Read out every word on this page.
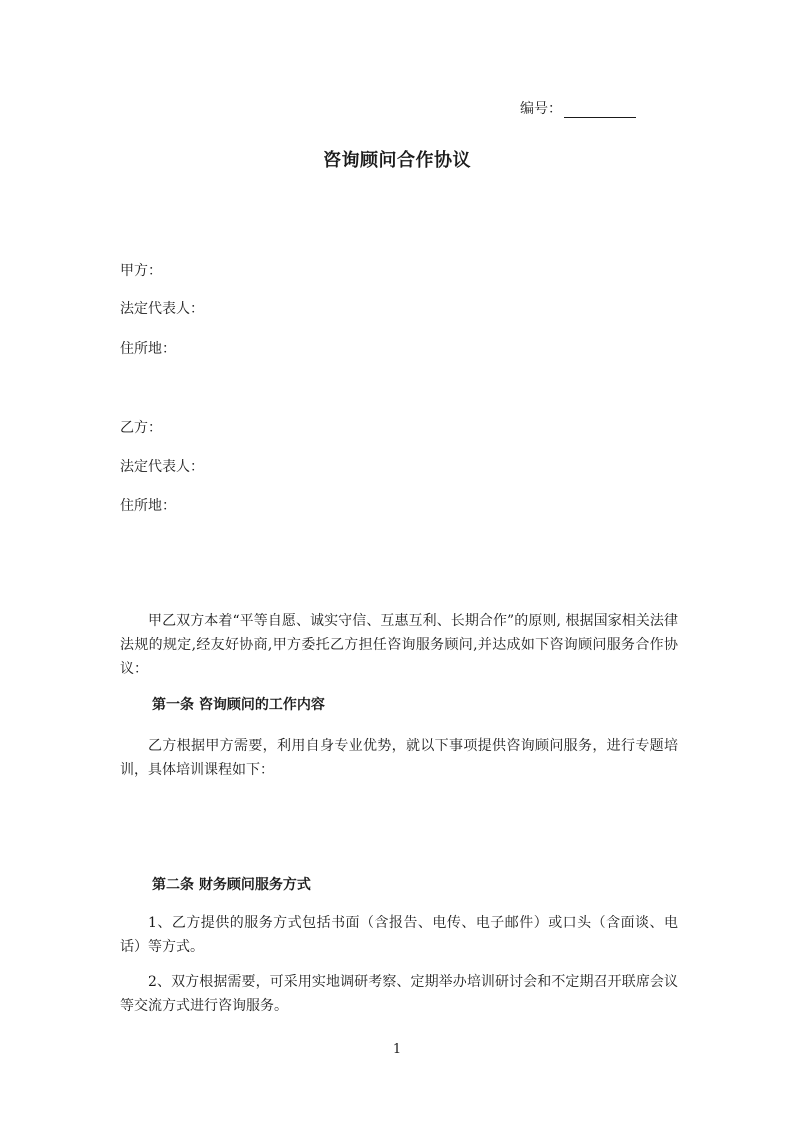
编号：
咨询顾问合作协议

甲方：

法定代表人：

住所地：

乙方：

法定代表人：

住所地：

甲乙双方本着“平等自愿、诚实守信、互惠互利、长期合作”的原则, 根据国家相关法律法规的规定,经友好协商,甲方委托乙方担任咨询服务顾问,并达成如下咨询顾问服务合作协议：

第一条 咨询顾问的工作内容

乙方根据甲方需要，利用自身专业优势，就以下事项提供咨询顾问服务，进行专题培训，具体培训课程如下：

第二条 财务顾问服务方式

1、乙方提供的服务方式包括书面（含报告、电传、电子邮件）或口头（含面谈、电话）等方式。

2、双方根据需要，可采用实地调研考察、定期举办培训研讨会和不定期召开联席会议等交流方式进行咨询服务。

1
